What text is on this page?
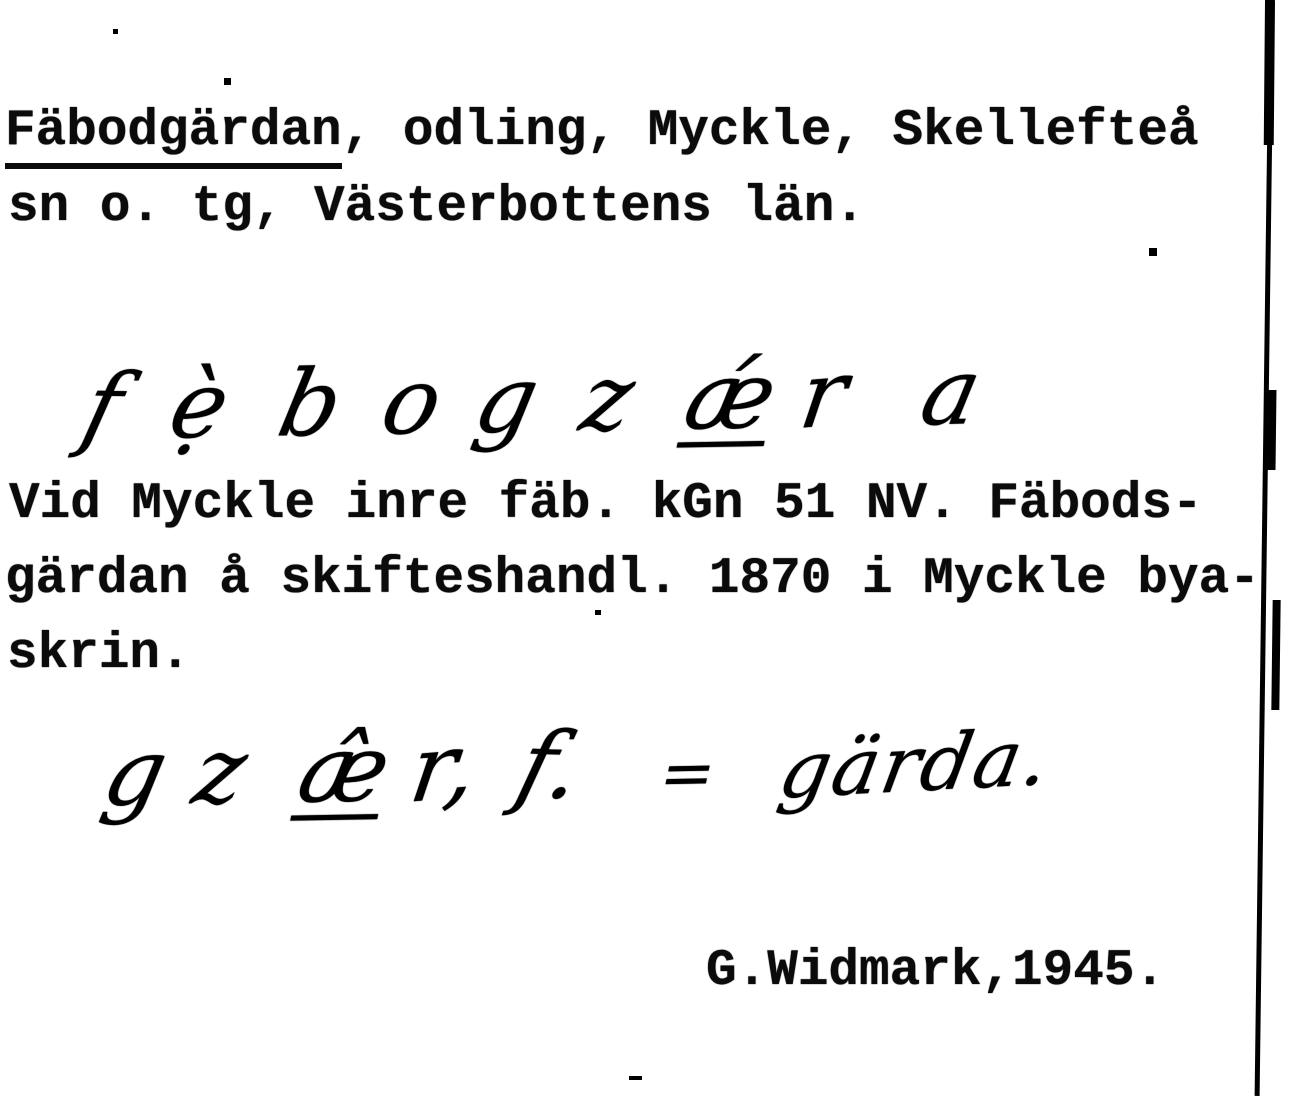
Fäbodgärdan, odling, Myckle, Skellefteå
sn o. tg, Västerbottens län.
f ẹ̀ b o g z ǽ r a
Vid Myckle inre fäb. kGn 51 NV. Fäbods-
gärdan å skifteshandl. 1870 i Myckle bya-
skrin.
g z æ̂ r, f. = gärda.
G.Widmark,1945.
